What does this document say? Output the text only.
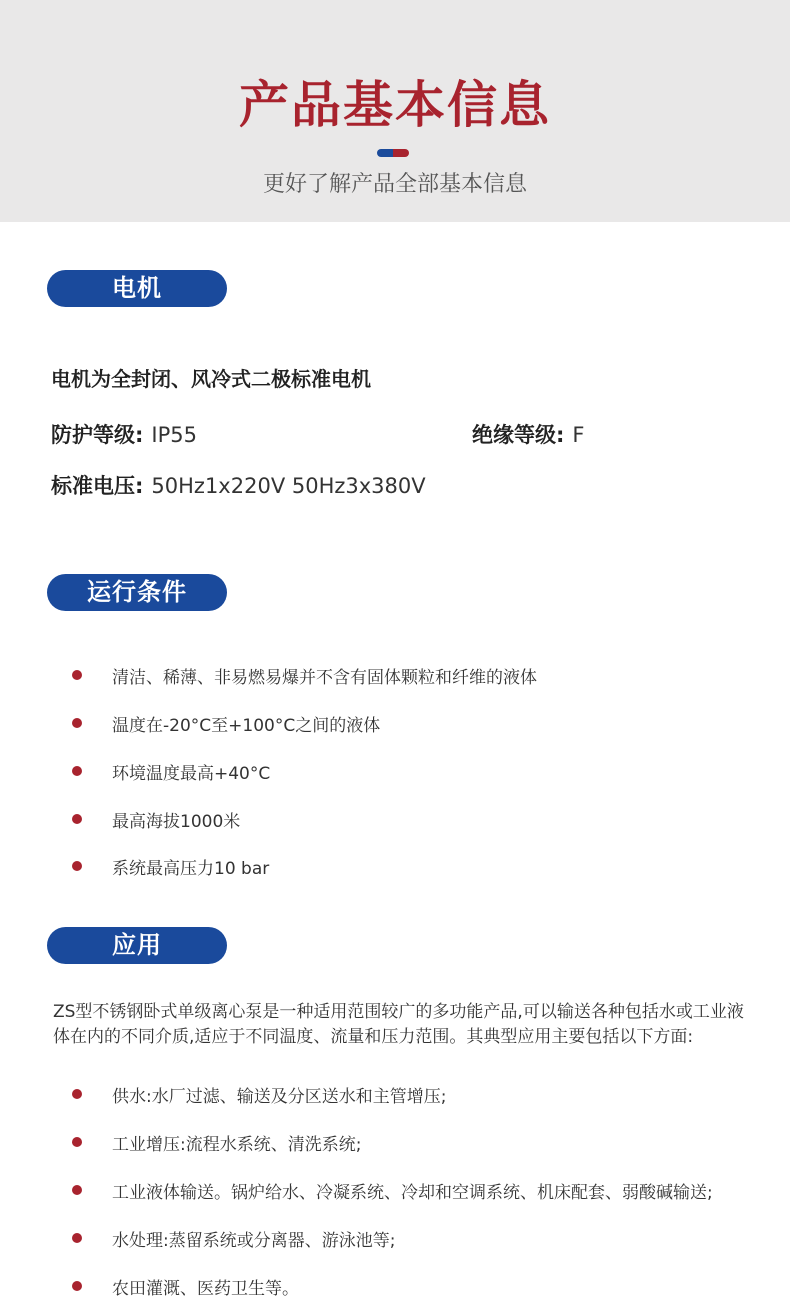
产品基本信息
更好了解产品全部基本信息
电机
电机为全封闭、风冷式二极标准电机
防护等级: IP55	绝缘等级: F
标准电压: 50Hz1x220V 50Hz3x380V
运行条件
清洁、稀薄、非易燃易爆并不含有固体颗粒和纤维的液体
温度在-20°C至+100°C之间的液体
环境温度最高+40°C
最高海拔1000米
系统最高压力10 bar
应用
ZS型不锈钢卧式单级离心泵是一种适用范围较广的多功能产品,可以输送各种包括水或工业液体在内的不同介质,适应于不同温度、流量和压力范围。其典型应用主要包括以下方面:
供水:水厂过滤、输送及分区送水和主管增压;
工业增压:流程水系统、清洗系统;
工业液体输送。锅炉给水、冷凝系统、冷却和空调系统、机床配套、弱酸碱输送;
水处理:蒸留系统或分离器、游泳池等;
农田灌溉、医药卫生等。
